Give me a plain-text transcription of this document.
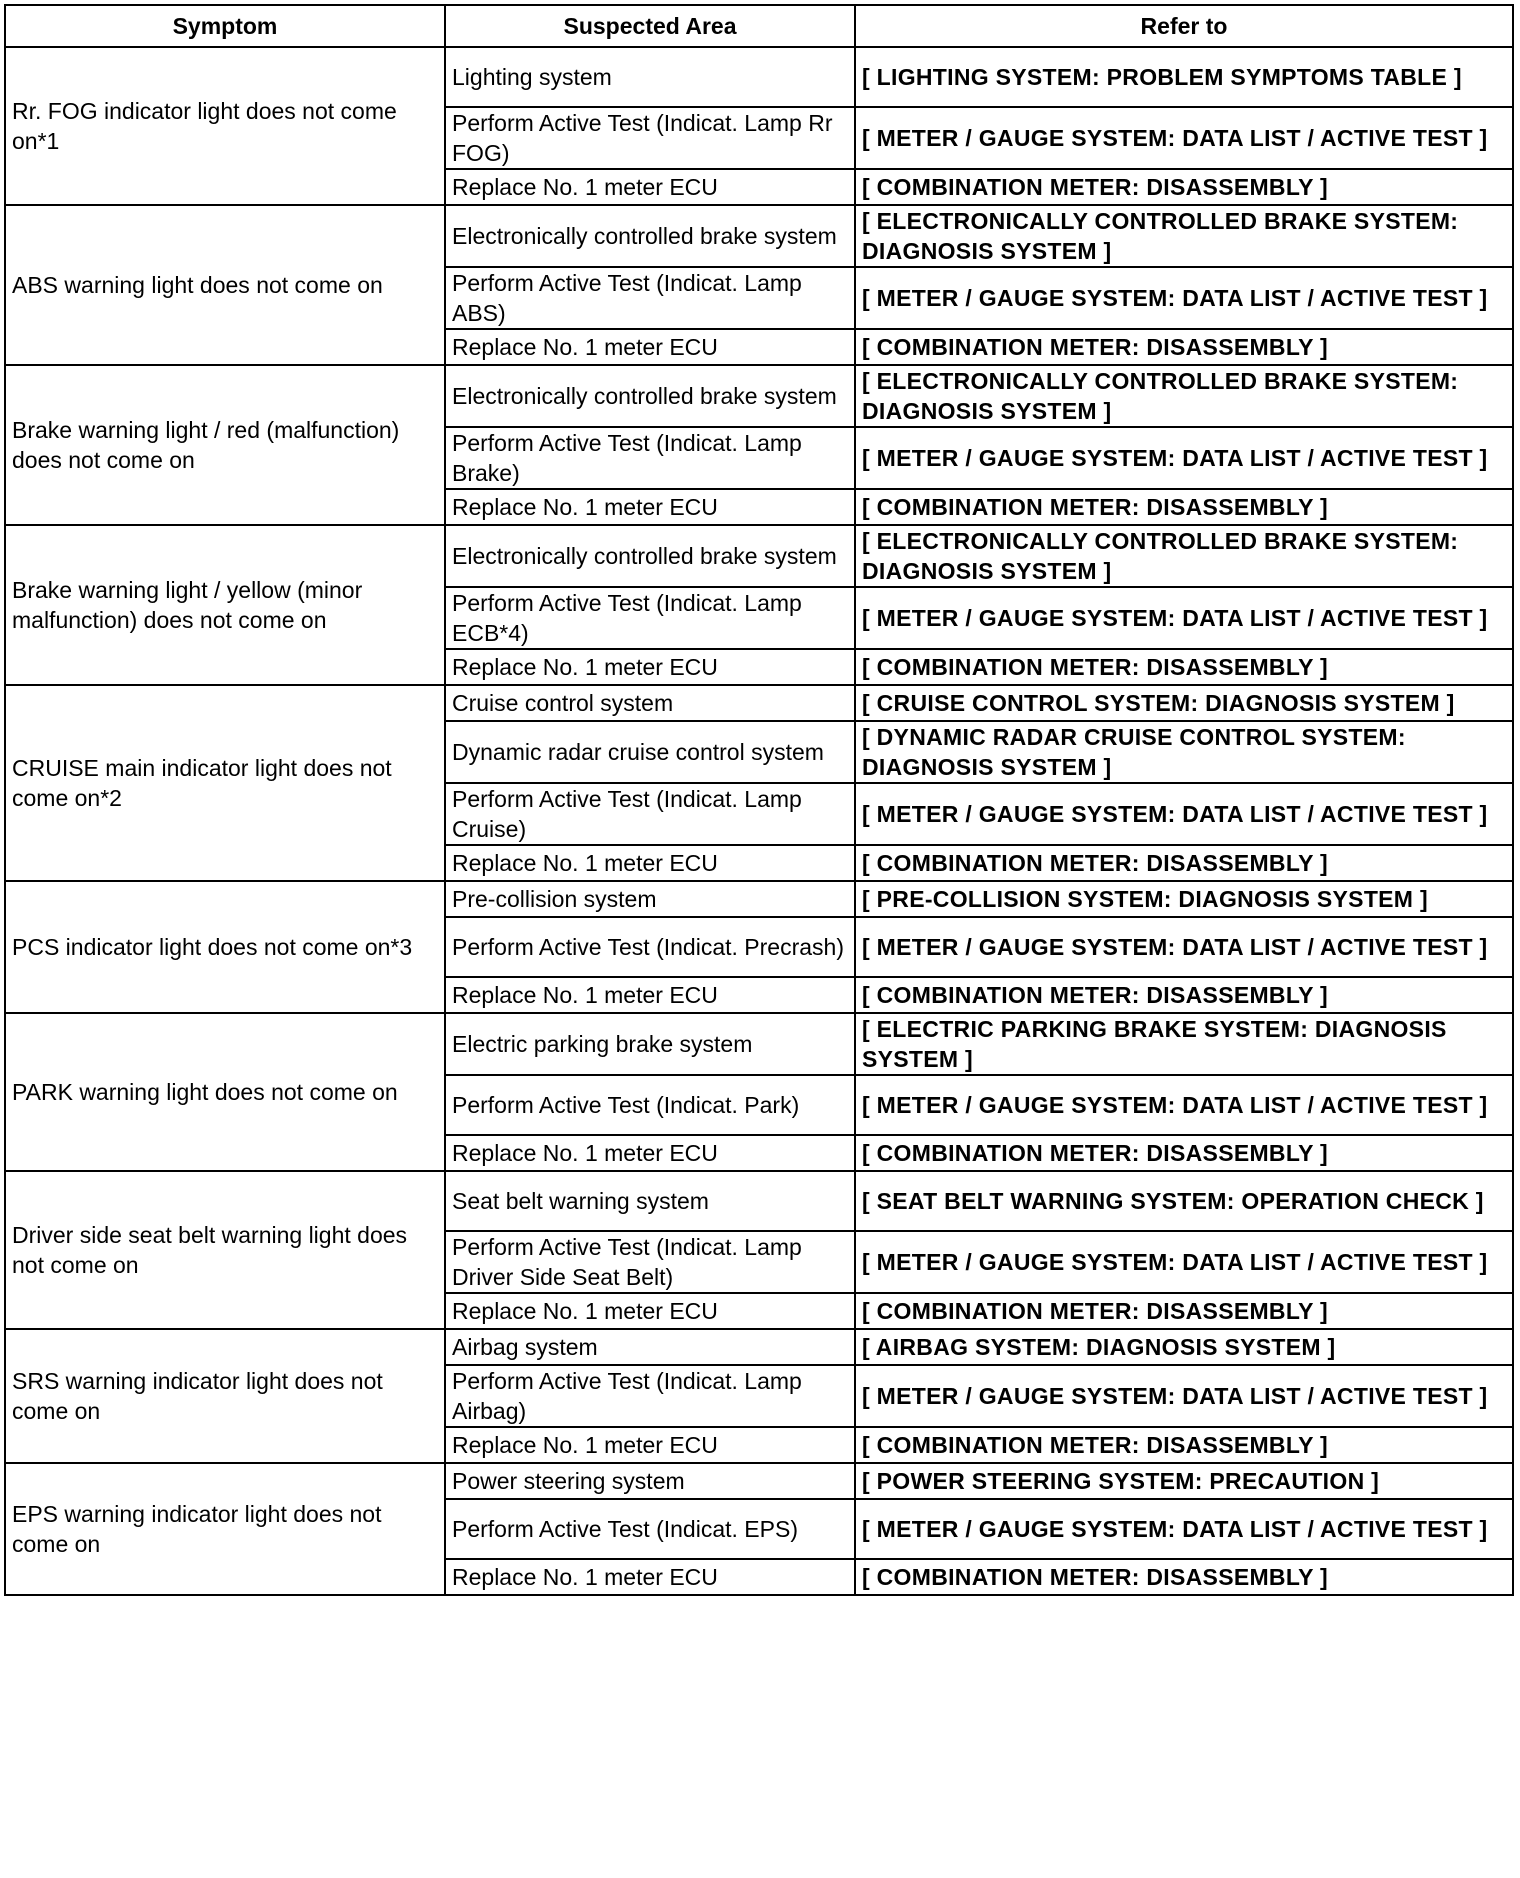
Symptom	Suspected Area	Refer to
Rr. FOG indicator light does not come on*1	Lighting system	[ LIGHTING SYSTEM: PROBLEM SYMPTOMS TABLE ]
	Perform Active Test (Indicat. Lamp Rr FOG)	[ METER / GAUGE SYSTEM: DATA LIST / ACTIVE TEST ]
	Replace No. 1 meter ECU	[ COMBINATION METER: DISASSEMBLY ]
ABS warning light does not come on	Electronically controlled brake system	[ ELECTRONICALLY CONTROLLED BRAKE SYSTEM: DIAGNOSIS SYSTEM ]
	Perform Active Test (Indicat. Lamp ABS)	[ METER / GAUGE SYSTEM: DATA LIST / ACTIVE TEST ]
	Replace No. 1 meter ECU	[ COMBINATION METER: DISASSEMBLY ]
Brake warning light / red (malfunction) does not come on	Electronically controlled brake system	[ ELECTRONICALLY CONTROLLED BRAKE SYSTEM: DIAGNOSIS SYSTEM ]
	Perform Active Test (Indicat. Lamp Brake)	[ METER / GAUGE SYSTEM: DATA LIST / ACTIVE TEST ]
	Replace No. 1 meter ECU	[ COMBINATION METER: DISASSEMBLY ]
Brake warning light / yellow (minor malfunction) does not come on	Electronically controlled brake system	[ ELECTRONICALLY CONTROLLED BRAKE SYSTEM: DIAGNOSIS SYSTEM ]
	Perform Active Test (Indicat. Lamp ECB*4)	[ METER / GAUGE SYSTEM: DATA LIST / ACTIVE TEST ]
	Replace No. 1 meter ECU	[ COMBINATION METER: DISASSEMBLY ]
CRUISE main indicator light does not come on*2	Cruise control system	[ CRUISE CONTROL SYSTEM: DIAGNOSIS SYSTEM ]
	Dynamic radar cruise control system	[ DYNAMIC RADAR CRUISE CONTROL SYSTEM: DIAGNOSIS SYSTEM ]
	Perform Active Test (Indicat. Lamp Cruise)	[ METER / GAUGE SYSTEM: DATA LIST / ACTIVE TEST ]
	Replace No. 1 meter ECU	[ COMBINATION METER: DISASSEMBLY ]
PCS indicator light does not come on*3	Pre-collision system	[ PRE-COLLISION SYSTEM: DIAGNOSIS SYSTEM ]
	Perform Active Test (Indicat. Precrash)	[ METER / GAUGE SYSTEM: DATA LIST / ACTIVE TEST ]
	Replace No. 1 meter ECU	[ COMBINATION METER: DISASSEMBLY ]
PARK warning light does not come on	Electric parking brake system	[ ELECTRIC PARKING BRAKE SYSTEM: DIAGNOSIS SYSTEM ]
	Perform Active Test (Indicat. Park)	[ METER / GAUGE SYSTEM: DATA LIST / ACTIVE TEST ]
	Replace No. 1 meter ECU	[ COMBINATION METER: DISASSEMBLY ]
Driver side seat belt warning light does not come on	Seat belt warning system	[ SEAT BELT WARNING SYSTEM: OPERATION CHECK ]
	Perform Active Test (Indicat. Lamp Driver Side Seat Belt)	[ METER / GAUGE SYSTEM: DATA LIST / ACTIVE TEST ]
	Replace No. 1 meter ECU	[ COMBINATION METER: DISASSEMBLY ]
SRS warning indicator light does not come on	Airbag system	[ AIRBAG SYSTEM: DIAGNOSIS SYSTEM ]
	Perform Active Test (Indicat. Lamp Airbag)	[ METER / GAUGE SYSTEM: DATA LIST / ACTIVE TEST ]
	Replace No. 1 meter ECU	[ COMBINATION METER: DISASSEMBLY ]
EPS warning indicator light does not come on	Power steering system	[ POWER STEERING SYSTEM: PRECAUTION ]
	Perform Active Test (Indicat. EPS)	[ METER / GAUGE SYSTEM: DATA LIST / ACTIVE TEST ]
	Replace No. 1 meter ECU	[ COMBINATION METER: DISASSEMBLY ]
